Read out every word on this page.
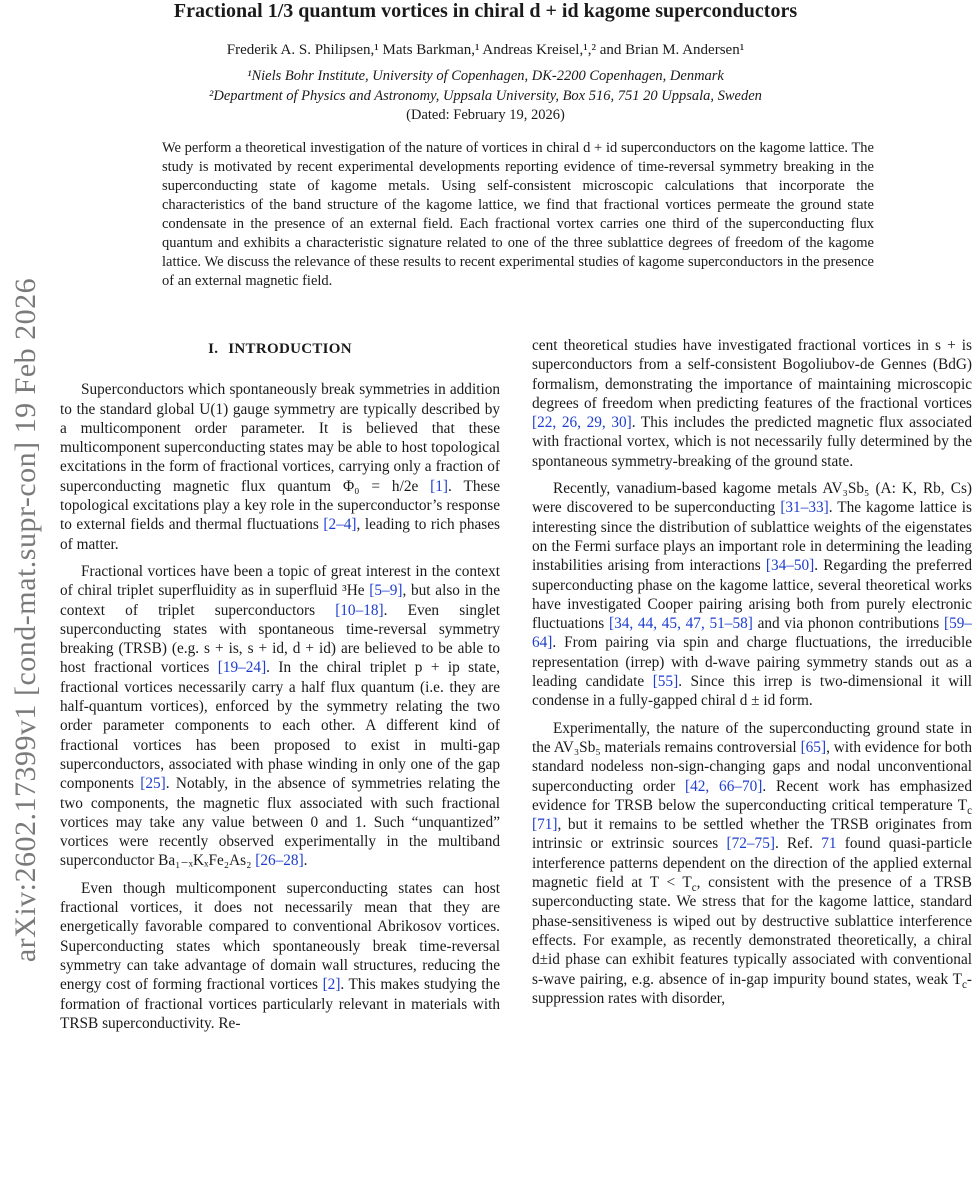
arXiv:2602.17399v1 [cond-mat.supr-con] 19 Feb 2026
Fractional 1/3 quantum vortices in chiral d + id kagome superconductors
Frederik A. S. Philipsen,¹ Mats Barkman,¹ Andreas Kreisel,¹,² and Brian M. Andersen¹
¹Niels Bohr Institute, University of Copenhagen, DK-2200 Copenhagen, Denmark
²Department of Physics and Astronomy, Uppsala University, Box 516, 751 20 Uppsala, Sweden
(Dated: February 19, 2026)
We perform a theoretical investigation of the nature of vortices in chiral d + id superconductors on the kagome lattice. The study is motivated by recent experimental developments reporting evidence of time-reversal symmetry breaking in the superconducting state of kagome metals. Using self-consistent microscopic calculations that incorporate the characteristics of the band structure of the kagome lattice, we find that fractional vortices permeate the ground state condensate in the presence of an external field. Each fractional vortex carries one third of the superconducting flux quantum and exhibits a characteristic signature related to one of the three sublattice degrees of freedom of the kagome lattice. We discuss the relevance of these results to recent experimental studies of kagome superconductors in the presence of an external magnetic field.
I. INTRODUCTION

Superconductors which spontaneously break symmetries in addition to the standard global U(1) gauge symmetry are typically described by a multicomponent order parameter. It is believed that these multicomponent superconducting states may be able to host topological excitations in the form of fractional vortices, carrying only a fraction of superconducting magnetic flux quantum Φ₀ = h/2e [1]. These topological excitations play a key role in the superconductor’s response to external fields and thermal fluctuations [2–4], leading to rich phases of matter.

Fractional vortices have been a topic of great interest in the context of chiral triplet superfluidity as in superfluid ³He [5–9], but also in the context of triplet superconductors [10–18]. Even singlet superconducting states with spontaneous time-reversal symmetry breaking (TRSB) (e.g. s + is, s + id, d + id) are believed to be able to host fractional vortices [19–24]. In the chiral triplet p + ip state, fractional vortices necessarily carry a half flux quantum (i.e. they are half-quantum vortices), enforced by the symmetry relating the two order parameter components to each other. A different kind of fractional vortices has been proposed to exist in multi-gap superconductors, associated with phase winding in only one of the gap components [25]. Notably, in the absence of symmetries relating the two components, the magnetic flux associated with such fractional vortices may take any value between 0 and 1. Such “unquantized” vortices were recently observed experimentally in the multiband superconductor Ba₁₋ₓKₓFe₂As₂ [26–28].

Even though multicomponent superconducting states can host fractional vortices, it does not necessarily mean that they are energetically favorable compared to conventional Abrikosov vortices. Superconducting states which spontaneously break time-reversal symmetry can take advantage of domain wall structures, reducing the energy cost of forming fractional vortices [2]. This makes studying the formation of fractional vortices particularly relevant in materials with TRSB superconductivity. Re-

cent theoretical studies have investigated fractional vortices in s + is superconductors from a self-consistent Bogoliubov-de Gennes (BdG) formalism, demonstrating the importance of maintaining microscopic degrees of freedom when predicting features of the fractional vortices [22, 26, 29, 30]. This includes the predicted magnetic flux associated with fractional vortex, which is not necessarily fully determined by the spontaneous symmetry-breaking of the ground state.

Recently, vanadium-based kagome metals AV₃Sb₅ (A: K, Rb, Cs) were discovered to be superconducting [31–33]. The kagome lattice is interesting since the distribution of sublattice weights of the eigenstates on the Fermi surface plays an important role in determining the leading instabilities arising from interactions [34–50]. Regarding the preferred superconducting phase on the kagome lattice, several theoretical works have investigated Cooper pairing arising both from purely electronic fluctuations [34, 44, 45, 47, 51–58] and via phonon contributions [59–64]. From pairing via spin and charge fluctuations, the irreducible representation (irrep) with d-wave pairing symmetry stands out as a leading candidate [55]. Since this irrep is two-dimensional it will condense in a fully-gapped chiral d ± id form.

Experimentally, the nature of the superconducting ground state in the AV₃Sb₅ materials remains controversial [65], with evidence for both standard nodeless non-sign-changing gaps and nodal unconventional superconducting order [42, 66–70]. Recent work has emphasized evidence for TRSB below the superconducting critical temperature $T_c$ [71], but it remains to be settled whether the TRSB originates from intrinsic or extrinsic sources [72–75]. Ref. 71 found quasi-particle interference patterns dependent on the direction of the applied external magnetic field at $T < T_c$, consistent with the presence of a TRSB superconducting state. We stress that for the kagome lattice, standard phase-sensitiveness is wiped out by destructive sublattice interference effects. For example, as recently demonstrated theoretically, a chiral d±id phase can exhibit features typically associated with conventional s-wave pairing, e.g. absence of in-gap impurity bound states, weak $T_c$-suppression rates with disorder,
